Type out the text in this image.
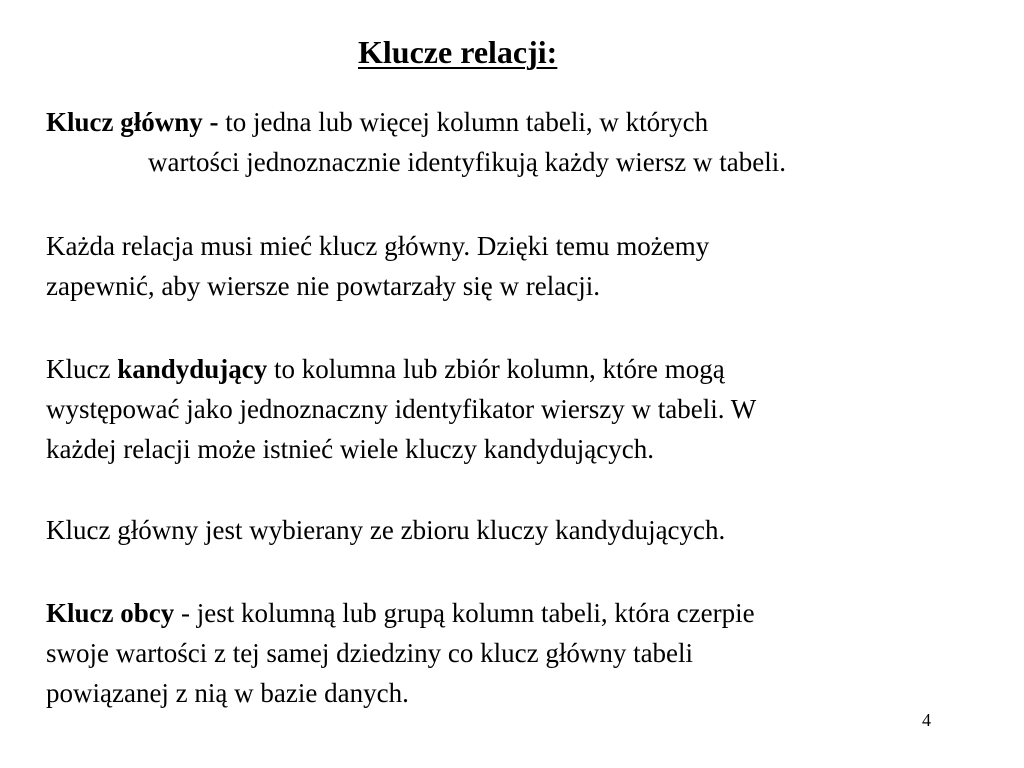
Klucze relacji:
Klucz główny - to jedna lub więcej kolumn tabeli, w których
wartości jednoznacznie identyfikują każdy wiersz w tabeli.
Każda relacja musi mieć klucz główny. Dzięki temu możemy
zapewnić, aby wiersze nie powtarzały się w relacji.
Klucz kandydujący to kolumna lub zbiór kolumn, które mogą
występować jako jednoznaczny identyfikator wierszy w tabeli. W
każdej relacji może istnieć wiele kluczy kandydujących.
Klucz główny jest wybierany ze zbioru kluczy kandydujących.
Klucz obcy - jest kolumną lub grupą kolumn tabeli, która czerpie
swoje wartości z tej samej dziedziny co klucz główny tabeli
powiązanej z nią w bazie danych.
4
